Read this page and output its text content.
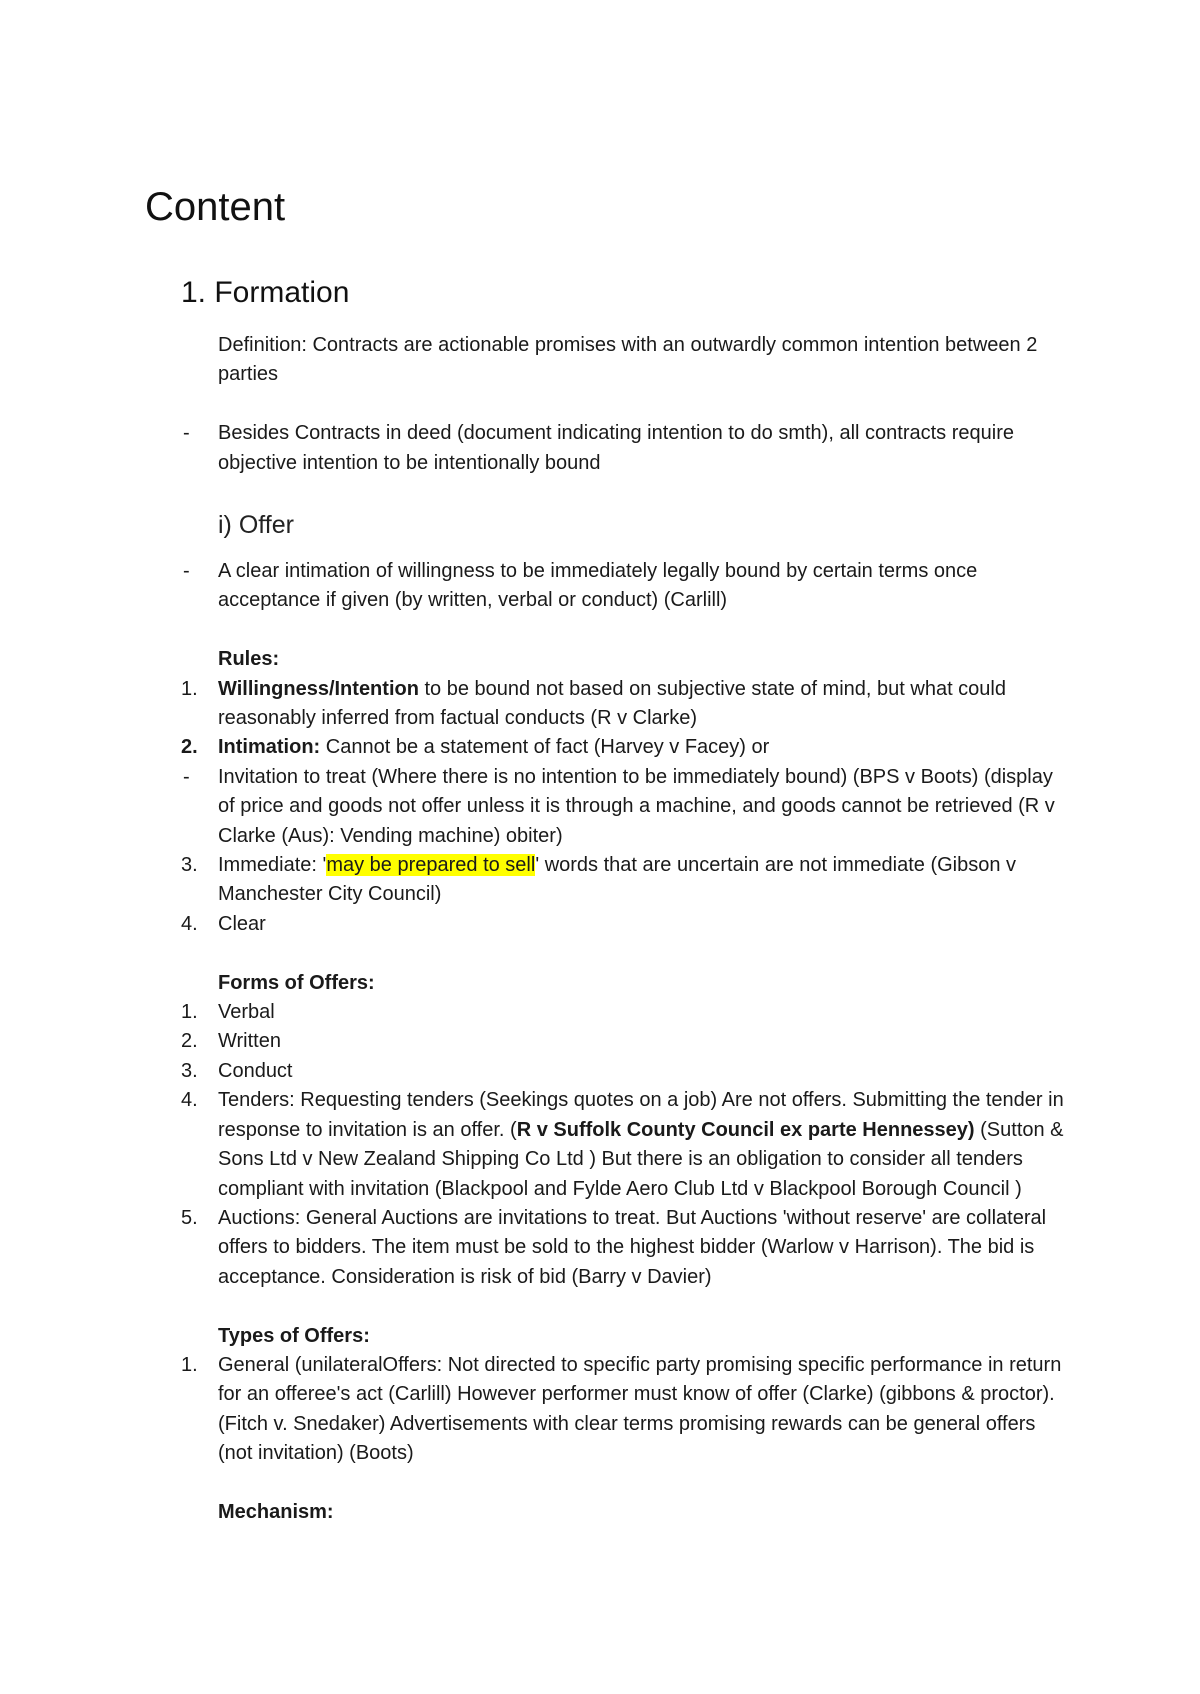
Content
1. Formation
Definition: Contracts are actionable promises with an outwardly common intention between 2 parties
-	Besides Contracts in deed (document indicating intention to do smth), all contracts require objective intention to be intentionally bound
i) Offer
-	A clear intimation of willingness to be immediately legally bound by certain terms once acceptance if given (by written, verbal or conduct) (Carlill)
Rules:
1.	Willingness/Intention to be bound not based on subjective state of mind, but what could reasonably inferred from factual conducts (R v Clarke)
2.	Intimation: Cannot be a statement of fact (Harvey v Facey) or
-	Invitation to treat (Where there is no intention to be immediately bound) (BPS v Boots) (display of price and goods not offer unless it is through a machine, and goods cannot be retrieved (R v Clarke (Aus): Vending machine) obiter)
3.	Immediate: 'may be prepared to sell' words that are uncertain are not immediate (Gibson v Manchester City Council)
4.	Clear
Forms of Offers:
1.	Verbal
2.	Written
3.	Conduct
4.	Tenders: Requesting tenders (Seekings quotes on a job) Are not offers. Submitting the tender in response to invitation is an offer. (R v Suffolk County Council ex parte Hennessey) (Sutton & Sons Ltd v New Zealand Shipping Co Ltd ) But there is an obligation to consider all tenders compliant with invitation (Blackpool and Fylde Aero Club Ltd v Blackpool Borough Council )
5.	Auctions: General Auctions are invitations to treat. But Auctions 'without reserve' are collateral offers to bidders. The item must be sold to the highest bidder (Warlow v Harrison). The bid is acceptance. Consideration is risk of bid (Barry v Davier)
Types of Offers:
1.	General (unilateralOffers: Not directed to specific party promising specific performance in return for an offeree's act (Carlill) However performer must know of offer (Clarke) (gibbons & proctor). (Fitch v. Snedaker) Advertisements with clear terms promising rewards can be general offers (not invitation) (Boots)
Mechanism:
